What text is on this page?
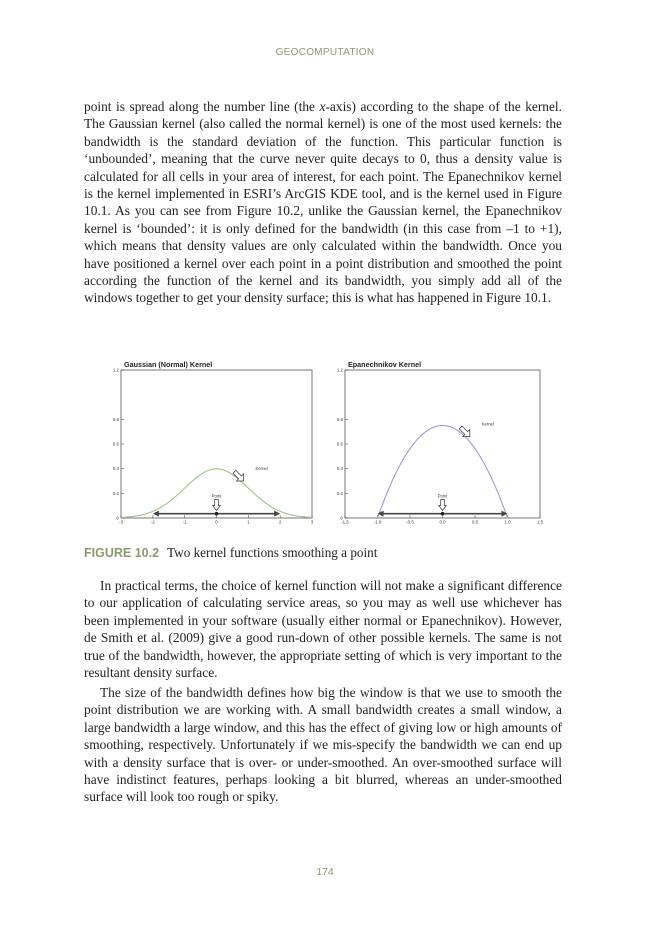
GEOCOMPUTATION

point is spread along the number line (the x-axis) according to the shape of the kernel. The Gaussian kernel (also called the normal kernel) is one of the most used kernels: the bandwidth is the standard deviation of the function. This particular function is ‘unbounded’, meaning that the curve never quite decays to 0, thus a density value is calculated for all cells in your area of interest, for each point. The Epanechnikov kernel is the kernel implemented in ESRI’s ArcGIS KDE tool, and is the kernel used in Figure 10.1. As you can see from Figure 10.2, unlike the Gaussian kernel, the Epanechnikov kernel is ‘bounded’: it is only defined for the bandwidth (in this case from –1 to +1), which means that density values are only calculated within the bandwidth. Once you have positioned a kernel over each point in a point distribution and smoothed the point according the function of the kernel and its bandwidth, you simply add all of the windows together to get your density surface; this is what has happened in Figure 10.1.

Gaussian (Normal) Kernel
0
0.2
0.4
0.6
0.8
1.2
-3	-2	-1	0	1	2	3
Point
Kernel
Epanechnikov Kernel
0
0.2
0.4
0.6
0.8
1.2
-1.5	-1.0	-0.5	0.0	0.5	1.0	1.5
Point
Kernel

FIGURE 10.2 Two kernel functions smoothing a point

In practical terms, the choice of kernel function will not make a significant difference to our application of calculating service areas, so you may as well use whichever has been implemented in your software (usually either normal or Epanechnikov). However, de Smith et al. (2009) give a good run-down of other possible kernels. The same is not true of the bandwidth, however, the appropriate setting of which is very important to the resultant density surface.

The size of the bandwidth defines how big the window is that we use to smooth the point distribution we are working with. A small bandwidth creates a small window, a large bandwidth a large window, and this has the effect of giving low or high amounts of smoothing, respectively. Unfortunately if we mis-specify the bandwidth we can end up with a density surface that is over- or under-smoothed. An over-smoothed surface will have indistinct features, perhaps looking a bit blurred, whereas an under-smoothed surface will look too rough or spiky.

174
